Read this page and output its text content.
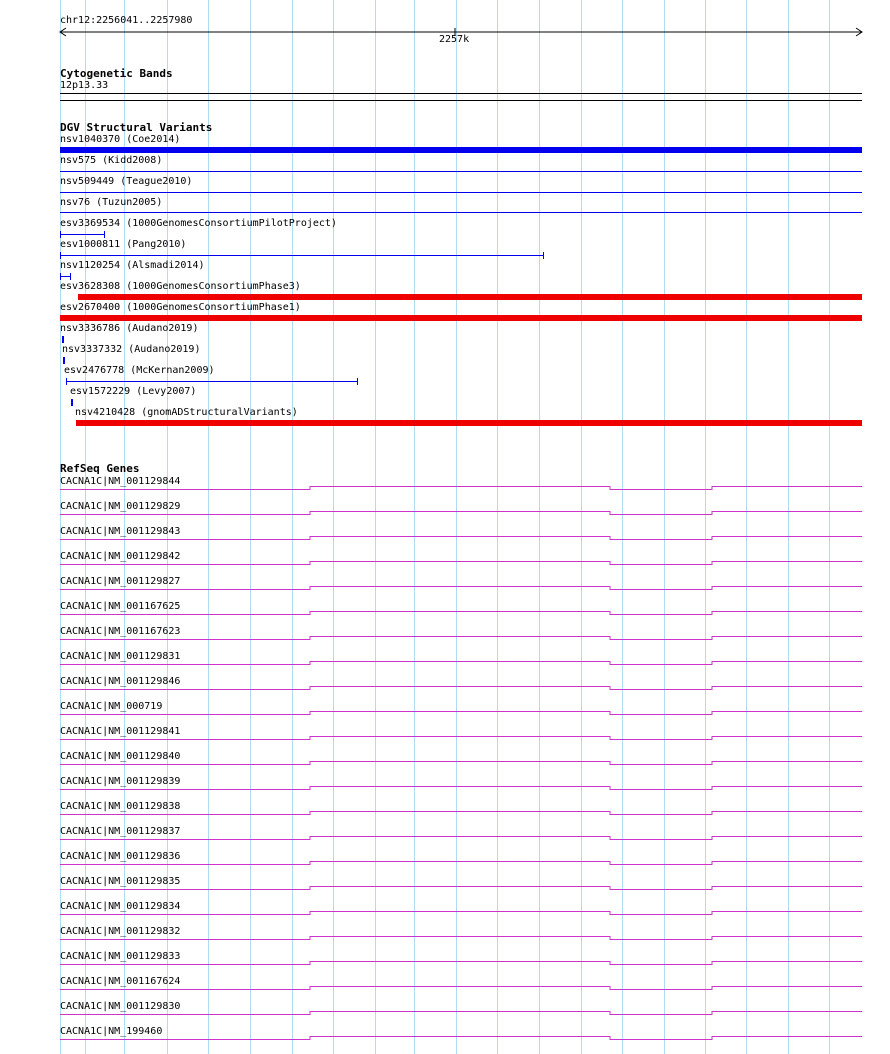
chr12:2256041..2257980
2257k
Cytogenetic Bands
12p13.33
DGV Structural Variants
nsv1040370 (Coe2014)
nsv575 (Kidd2008)
nsv509449 (Teague2010)
nsv76 (Tuzun2005)
esv3369534 (1000GenomesConsortiumPilotProject)
esv1000811 (Pang2010)
nsv1120254 (Alsmadi2014)
esv3628308 (1000GenomesConsortiumPhase3)
esv2670400 (1000GenomesConsortiumPhase1)
nsv3336786 (Audano2019)
nsv3337332 (Audano2019)
esv2476778 (McKernan2009)
esv1572229 (Levy2007)
nsv4210428 (gnomADStructuralVariants)
RefSeq Genes
CACNA1C|NM_001129844
CACNA1C|NM_001129829
CACNA1C|NM_001129843
CACNA1C|NM_001129842
CACNA1C|NM_001129827
CACNA1C|NM_001167625
CACNA1C|NM_001167623
CACNA1C|NM_001129831
CACNA1C|NM_001129846
CACNA1C|NM_000719
CACNA1C|NM_001129841
CACNA1C|NM_001129840
CACNA1C|NM_001129839
CACNA1C|NM_001129838
CACNA1C|NM_001129837
CACNA1C|NM_001129836
CACNA1C|NM_001129835
CACNA1C|NM_001129834
CACNA1C|NM_001129832
CACNA1C|NM_001129833
CACNA1C|NM_001167624
CACNA1C|NM_001129830
CACNA1C|NM_199460
